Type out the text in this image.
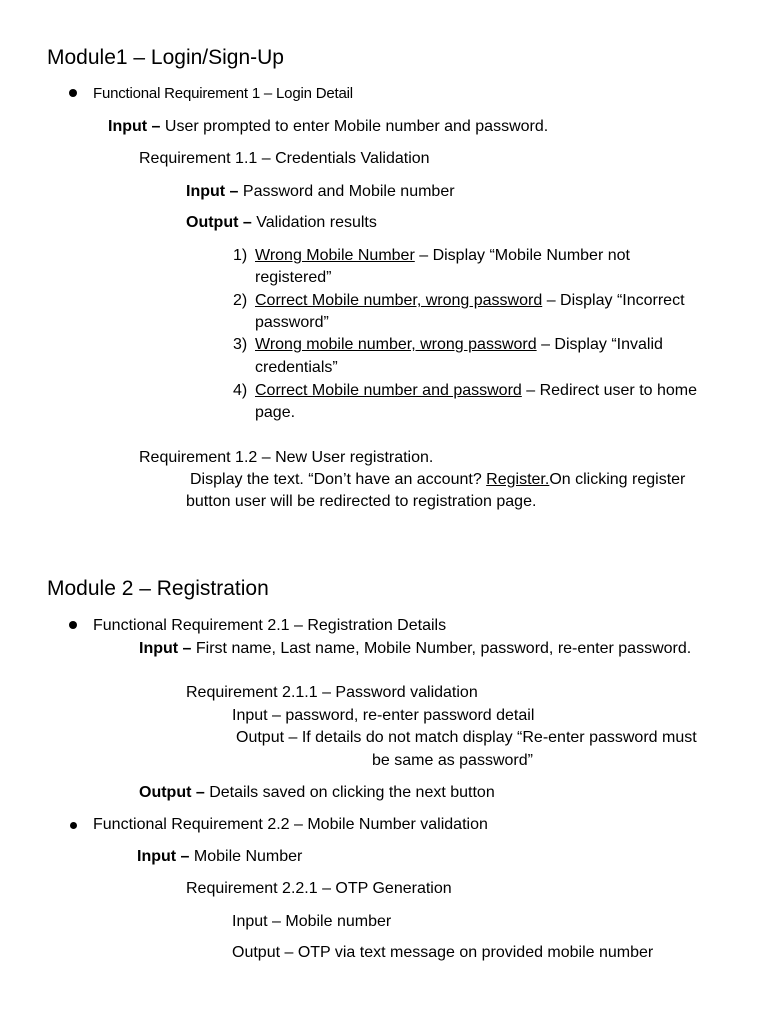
Module1 – Login/Sign-Up
Functional Requirement 1 – Login Detail
Input – User prompted to enter Mobile number and password.
Requirement 1.1 – Credentials Validation
Input – Password and Mobile number
Output – Validation results
1) Wrong Mobile Number – Display “Mobile Number not
registered”
2) Correct Mobile number, wrong password – Display “Incorrect
password”
3) Wrong mobile number, wrong password – Display “Invalid
credentials”
4) Correct Mobile number and password – Redirect user to home
page.
Requirement 1.2 – New User registration.
Display the text. “Don’t have an account? Register.On clicking register
button user will be redirected to registration page.
Module 2 – Registration
Functional Requirement 2.1 – Registration Details
Input – First name, Last name, Mobile Number, password, re-enter password.
Requirement 2.1.1 – Password validation
Input – password, re-enter password detail
Output – If details do not match display “Re-enter password must
be same as password”
Output – Details saved on clicking the next button
Functional Requirement 2.2 – Mobile Number validation
Input – Mobile Number
Requirement 2.2.1 – OTP Generation
Input – Mobile number
Output – OTP via text message on provided mobile number
